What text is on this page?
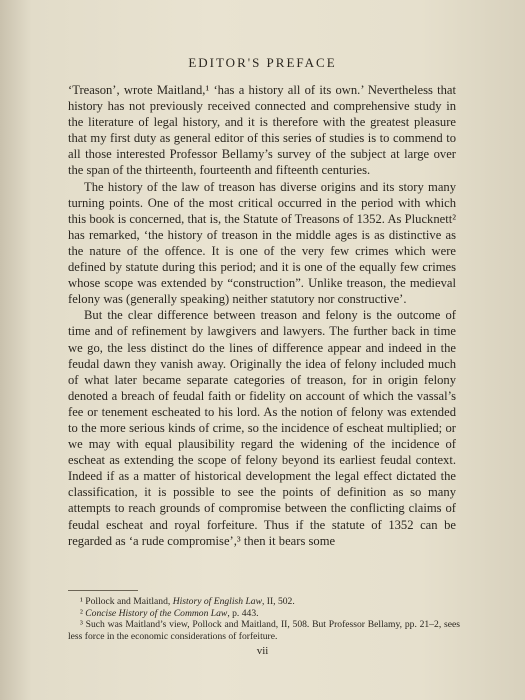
EDITOR'S PREFACE

‘Treason’, wrote Maitland,¹ ‘has a history all of its own.’ Nevertheless that history has not previously received connected and comprehensive study in the literature of legal history, and it is therefore with the greatest pleasure that my first duty as general editor of this series of studies is to commend to all those interested Professor Bellamy’s survey of the subject at large over the span of the thirteenth, fourteenth and fifteenth centuries.

The history of the law of treason has diverse origins and its story many turning points. One of the most critical occurred in the period with which this book is concerned, that is, the Statute of Treasons of 1352. As Plucknett² has remarked, ‘the history of treason in the middle ages is as distinctive as the nature of the offence. It is one of the very few crimes which were defined by statute during this period; and it is one of the equally few crimes whose scope was extended by “construction”. Unlike treason, the medieval felony was (generally speaking) neither statutory nor constructive’.

But the clear difference between treason and felony is the outcome of time and of refinement by lawgivers and lawyers. The further back in time we go, the less distinct do the lines of difference appear and indeed in the feudal dawn they vanish away. Originally the idea of felony included much of what later became separate categories of treason, for in origin felony denoted a breach of feudal faith or fidelity on account of which the vassal’s fee or tenement escheated to his lord. As the notion of felony was extended to the more serious kinds of crime, so the incidence of escheat multiplied; or we may with equal plausibility regard the widening of the incidence of escheat as extending the scope of felony beyond its earliest feudal context. Indeed if as a matter of historical development the legal effect dictated the classification, it is possible to see the points of definition as so many attempts to reach grounds of compromise between the conflicting claims of feudal escheat and royal forfeiture. Thus if the statute of 1352 can be regarded as ‘a rude compromise’,³ then it bears some

¹ Pollock and Maitland, History of English Law, II, 502.
² Concise History of the Common Law, p. 443.
³ Such was Maitland’s view, Pollock and Maitland, II, 508. But Professor Bellamy, pp. 21–2, sees less force in the economic considerations of forfeiture.
vii
